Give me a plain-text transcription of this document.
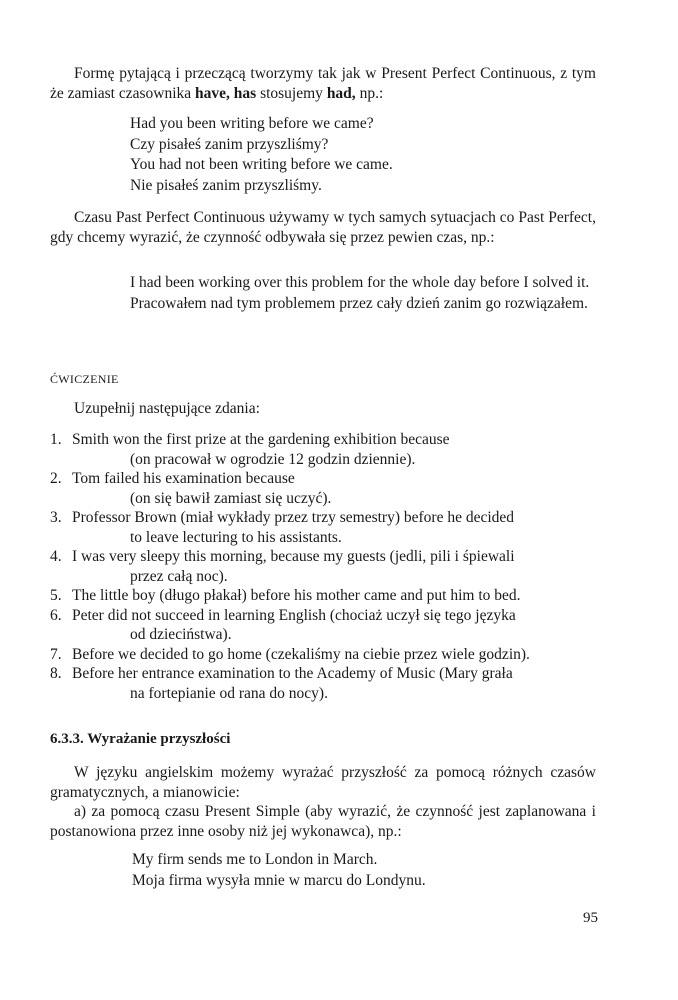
Formę pytającą i przeczącą tworzymy tak jak w Present Perfect Continuous, z tym że zamiast czasownika have, has stosujemy had, np.:

Had you been writing before we came?
Czy pisałeś zanim przyszliśmy?
You had not been writing before we came.
Nie pisałeś zanim przyszliśmy.

Czasu Past Perfect Continuous używamy w tych samych sytuacjach co Past Perfect, gdy chcemy wyrazić, że czynność odbywała się przez pewien czas, np.:

I had been working over this problem for the whole day before I solved it.
Pracowałem nad tym problemem przez cały dzień zanim go rozwiązałem.
ĆWICZENIE

Uzupełnij następujące zdania:

1. Smith won the first prize at the gardening exhibition because
(on pracował w ogrodzie 12 godzin dziennie).
2. Tom failed his examination because
(on się bawił zamiast się uczyć).
3. Professor Brown (miał wykłady przez trzy semestry) before he decided
to leave lecturing to his assistants.
4. I was very sleepy this morning, because my guests (jedli, pili i śpiewali
przez całą noc).
5. The little boy (długo płakał) before his mother came and put him to bed.
6. Peter did not succeed in learning English (chociaż uczył się tego języka
od dzieciństwa).
7. Before we decided to go home (czekaliśmy na ciebie przez wiele godzin).
8. Before her entrance examination to the Academy of Music (Mary grała
na fortepianie od rana do nocy).
6.3.3. Wyrażanie przyszłości

W języku angielskim możemy wyrażać przyszłość za pomocą różnych czasów gramatycznych, a mianowicie:

a) za pomocą czasu Present Simple (aby wyrazić, że czynność jest zaplanowana i postanowiona przez inne osoby niż jej wykonawca), np.:

My firm sends me to London in March.
Moja firma wysyła mnie w marcu do Londynu.
95
